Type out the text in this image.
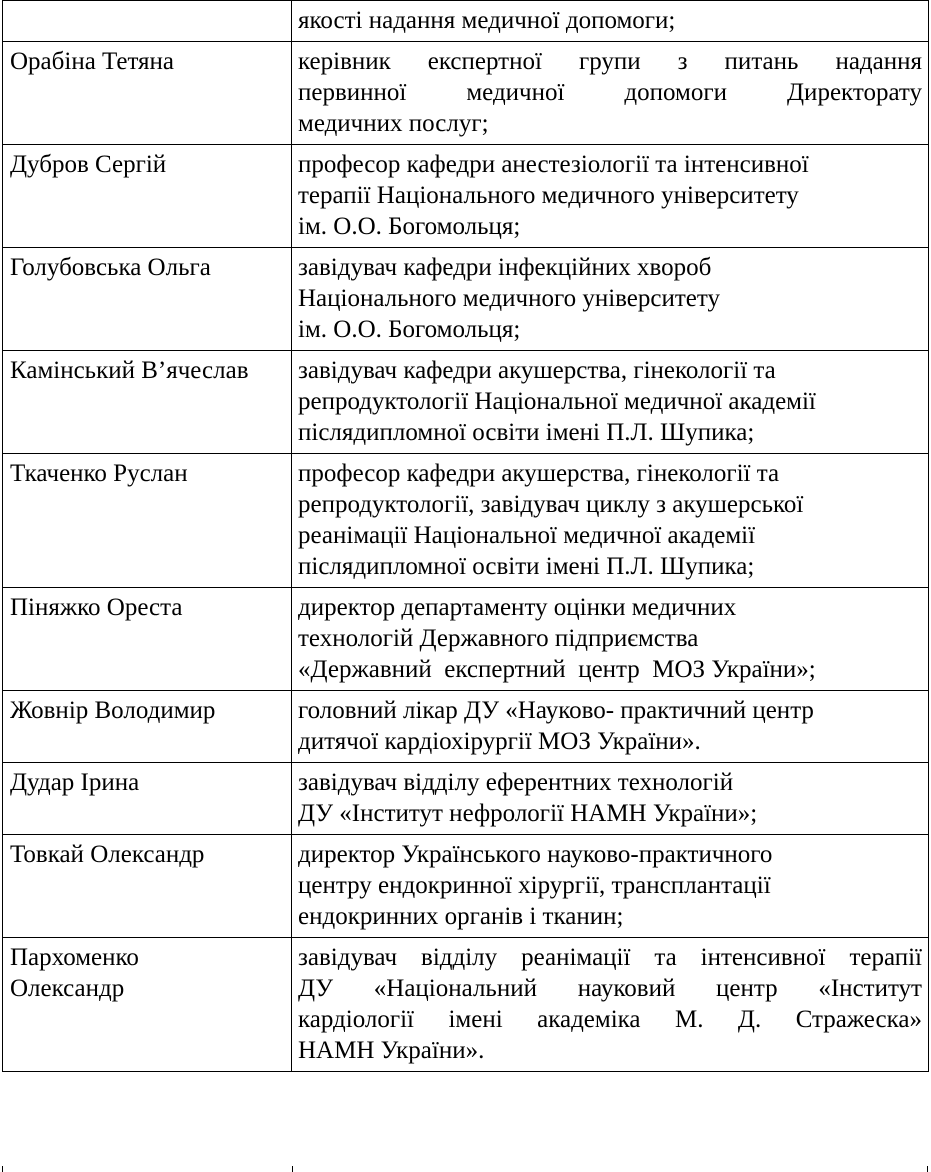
	якості надання медичної допомоги;

Орабіна Тетяна	керівник експертної групи з питань надання
первинної медичної допомоги Директорату
медичних послуг;

Дубров Сергій	професор кафедри анестезіології та інтенсивної
терапії Національного медичного університету
ім. О.О. Богомольця;

Голубовська Ольга	завідувач кафедри інфекційних хвороб
Національного медичного університету
ім. О.О. Богомольця;

Камінський В’ячеслав	завідувач кафедри акушерства, гінекології та
репродуктології Національної медичної академії
післядипломної освіти імені П.Л. Шупика;

Ткаченко Руслан	професор кафедри акушерства, гінекології та
репродуктології, завідувач циклу з акушерської
реанімації Національної медичної академії
післядипломної освіти імені П.Л. Шупика;

Піняжко Ореста	директор департаменту оцінки медичних
технологій Державного підприємства
«Державний  експертний  центр  МОЗ України»;

Жовнір Володимир	головний лікар ДУ «Науково- практичний центр
дитячої кардіохірургії МОЗ України».

Дудар Ірина	завідувач відділу еферентних технологій
ДУ «Інститут нефрології НАМН України»;

Товкай Олександр	директор Українського науково-практичного
центру ендокринної хірургії, трансплантації
ендокринних органів і тканин;

Пархоменко
Олександр	завідувач відділу реанімації та інтенсивної терапії
ДУ «Національний науковий центр «Інститут
кардіології імені академіка М. Д. Стражеска»
НАМН України».
